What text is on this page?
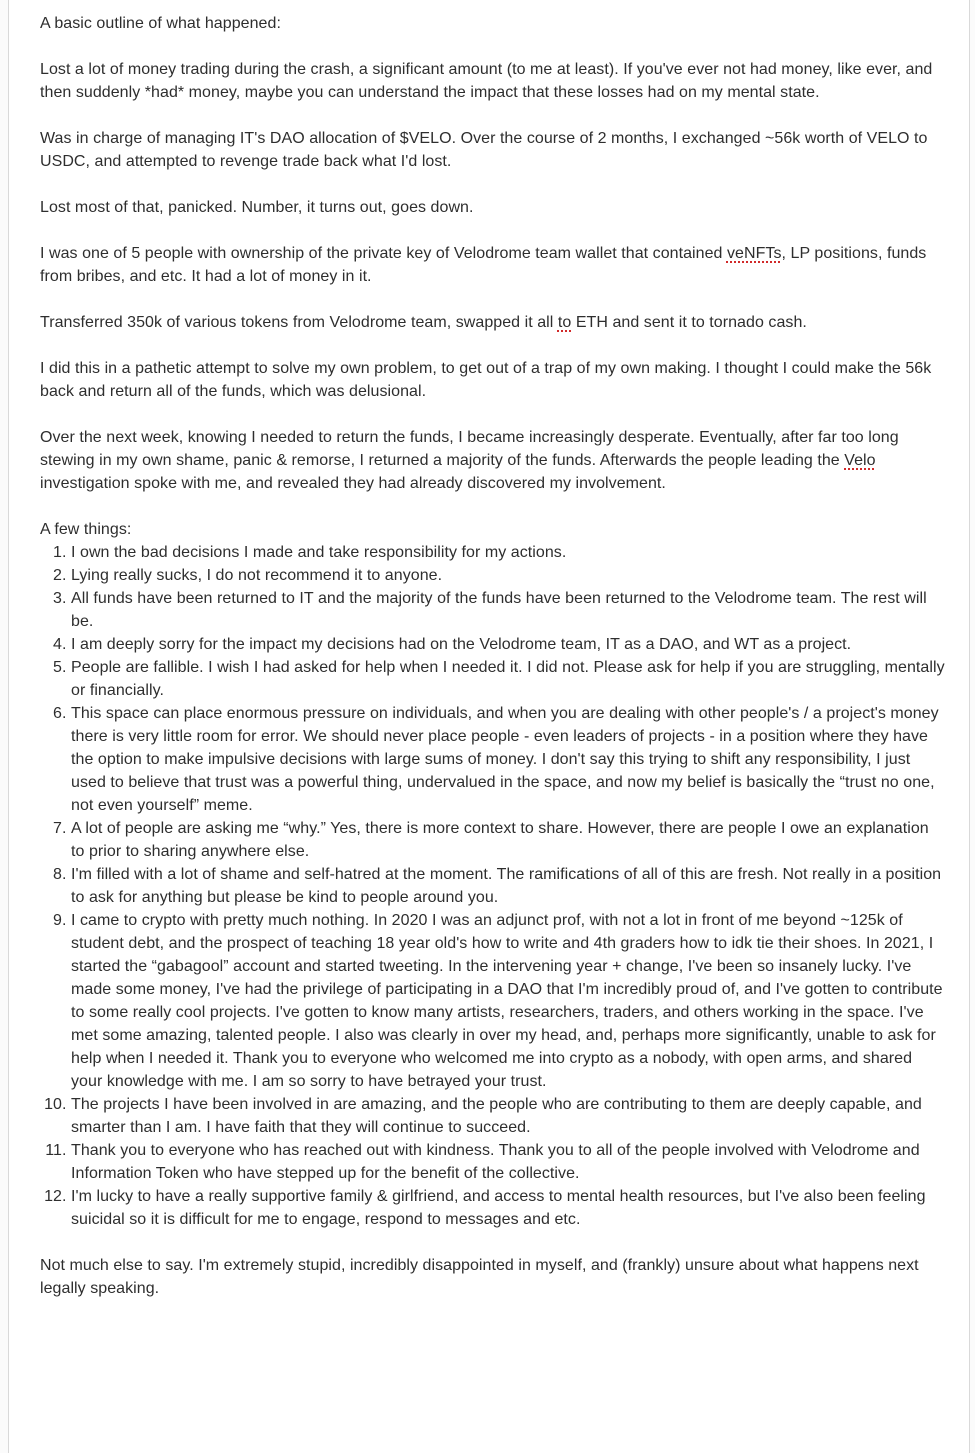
A basic outline of what happened:

Lost a lot of money trading during the crash, a significant amount (to me at least). If you've ever not had money, like ever, and then suddenly *had* money, maybe you can understand the impact that these losses had on my mental state.

Was in charge of managing IT's DAO allocation of $VELO. Over the course of 2 months, I exchanged ~56k worth of VELO to USDC, and attempted to revenge trade back what I'd lost.

Lost most of that, panicked. Number, it turns out, goes down.

I was one of 5 people with ownership of the private key of Velodrome team wallet that contained veNFTs, LP positions, funds from bribes, and etc. It had a lot of money in it.

Transferred 350k of various tokens from Velodrome team, swapped it all to ETH and sent it to tornado cash.

I did this in a pathetic attempt to solve my own problem, to get out of a trap of my own making. I thought I could make the 56k back and return all of the funds, which was delusional.

Over the next week, knowing I needed to return the funds, I became increasingly desperate. Eventually, after far too long stewing in my own shame, panic & remorse, I returned a majority of the funds. Afterwards the people leading the Velo investigation spoke with me, and revealed they had already discovered my involvement.

A few things:

1. I own the bad decisions I made and take responsibility for my actions.
2. Lying really sucks, I do not recommend it to anyone.
3. All funds have been returned to IT and the majority of the funds have been returned to the Velodrome team. The rest will be.
4. I am deeply sorry for the impact my decisions had on the Velodrome team, IT as a DAO, and WT as a project.
5. People are fallible. I wish I had asked for help when I needed it. I did not. Please ask for help if you are struggling, mentally or financially.
6. This space can place enormous pressure on individuals, and when you are dealing with other people's / a project's money there is very little room for error. We should never place people - even leaders of projects - in a position where they have the option to make impulsive decisions with large sums of money. I don't say this trying to shift any responsibility, I just used to believe that trust was a powerful thing, undervalued in the space, and now my belief is basically the “trust no one, not even yourself” meme.
7. A lot of people are asking me “why.” Yes, there is more context to share. However, there are people I owe an explanation to prior to sharing anywhere else.
8. I'm filled with a lot of shame and self-hatred at the moment. The ramifications of all of this are fresh. Not really in a position to ask for anything but please be kind to people around you.
9. I came to crypto with pretty much nothing. In 2020 I was an adjunct prof, with not a lot in front of me beyond ~125k of student debt, and the prospect of teaching 18 year old's how to write and 4th graders how to idk tie their shoes. In 2021, I started the “gabagool” account and started tweeting. In the intervening year + change, I've been so insanely lucky. I've made some money, I've had the privilege of participating in a DAO that I'm incredibly proud of, and I've gotten to contribute to some really cool projects. I've gotten to know many artists, researchers, traders, and others working in the space. I've met some amazing, talented people. I also was clearly in over my head, and, perhaps more significantly, unable to ask for help when I needed it. Thank you to everyone who welcomed me into crypto as a nobody, with open arms, and shared your knowledge with me. I am so sorry to have betrayed your trust.
10. The projects I have been involved in are amazing, and the people who are contributing to them are deeply capable, and smarter than I am. I have faith that they will continue to succeed.
11. Thank you to everyone who has reached out with kindness. Thank you to all of the people involved with Velodrome and Information Token who have stepped up for the benefit of the collective.
12. I'm lucky to have a really supportive family & girlfriend, and access to mental health resources, but I've also been feeling suicidal so it is difficult for me to engage, respond to messages and etc.

Not much else to say. I'm extremely stupid, incredibly disappointed in myself, and (frankly) unsure about what happens next legally speaking.
